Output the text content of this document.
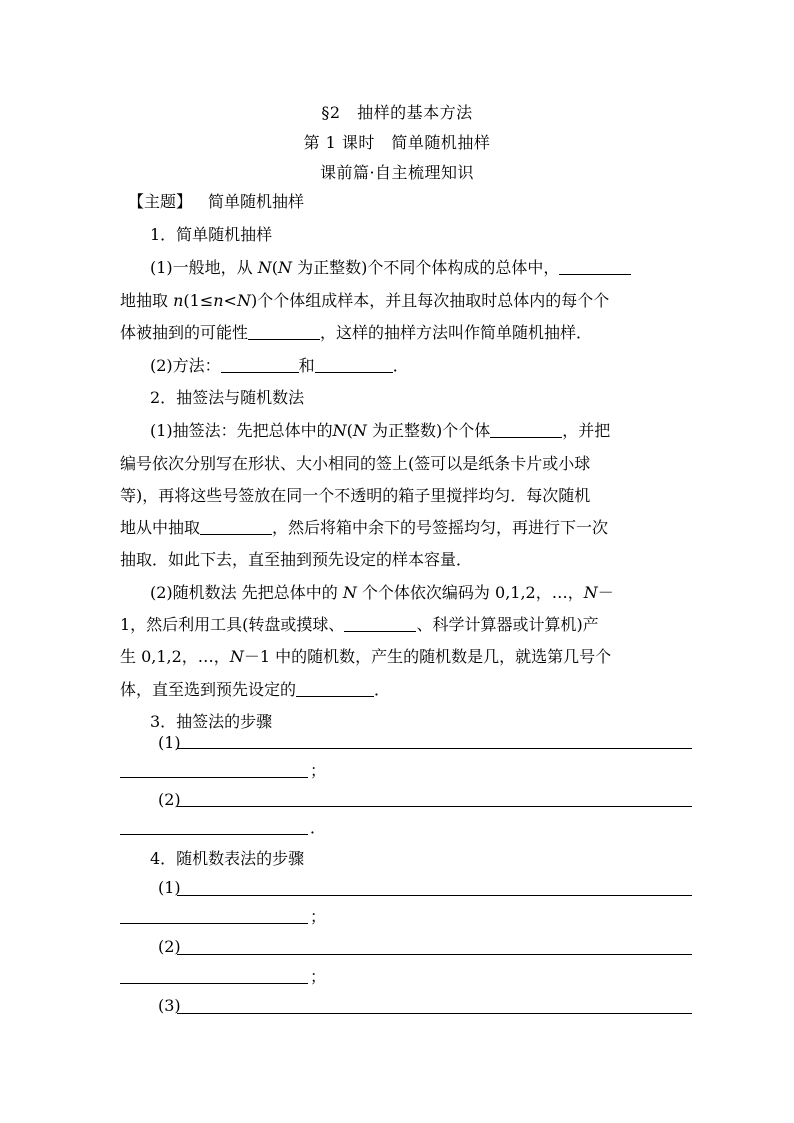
§2　抽样的基本方法
第 1 课时　简单随机抽样
课前篇·自主梳理知识
【主题】 简单随机抽样
1．简单随机抽样
(1)一般地，从 N(N 为正整数)个不同个体构成的总体中，
地抽取 n(1≤n<N)个个体组成样本，并且每次抽取时总体内的每个个
体被抽到的可能性	，这样的抽样方法叫作简单随机抽样．
(2)方法：	和	．
2．抽签法与随机数法
(1)抽签法：先把总体中的N(N 为正整数)个个体	，并把
编号依次分别写在形状、大小相同的签上(签可以是纸条卡片或小球
等)，再将这些号签放在同一个不透明的箱子里搅拌均匀．每次随机
地从中抽取	，然后将箱中余下的号签摇均匀，再进行下一次
抽取．如此下去，直至抽到预先设定的样本容量．
(2)随机数法 先把总体中的 N 个个体依次编码为 0,1,2，…，N－
1，然后利用工具(转盘或摸球、	、科学计算器或计算机)产
生 0,1,2，…，N－1 中的随机数，产生的随机数是几，就选第几号个
体，直至选到预先设定的	．
3．抽签法的步骤
(1)
；
(2)
．
4．随机数表法的步骤
(1)
；
(2)
；
(3)
